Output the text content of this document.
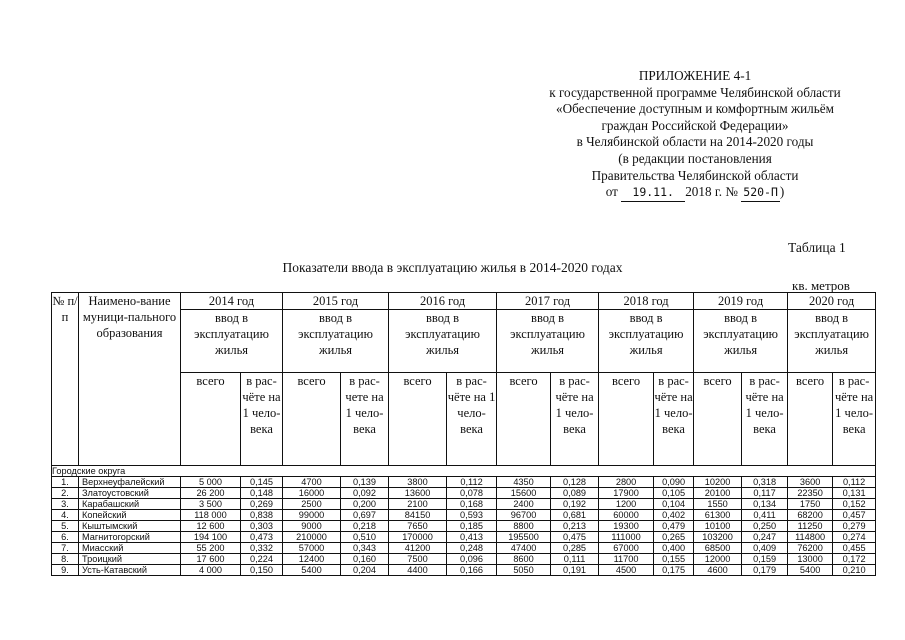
ПРИЛОЖЕНИЕ 4-1
к государственной программе Челябинской области
«Обеспечение доступным и комфортным жильём
граждан Российской Федерации»
в Челябинской области на 2014-2020 годы
(в редакции постановления
Правительства Челябинской области
от 19.11. 2018 г. № 520-П )
Таблица 1
Показатели ввода в эксплуатацию жилья в 2014-2020 годах
кв. метров
№ п/п	Наимено-вание муници-пального образования	2014 год		2015 год		2016 год		2017 год		2018 год		2019 год		2020 год	
		ввод в эксплуатацию жилья		ввод в эксплуатацию жилья		ввод в эксплуатацию жилья		ввод в эксплуатацию жилья		ввод в эксплуатацию жилья		ввод в эксплуатацию жилья		ввод в эксплуатацию жилья	
		всего	в рас-чёте на 1 чело-века	всего	в рас-чете на 1 чело-века	всего	в рас-чёте на 1 чело-века	всего	в рас-чёте на 1 чело-века	всего	в рас-чёте на 1 чело-века	всего	в рас-чёте на 1 чело-века	всего	в рас-чёте на 1 чело-века
Городские округа															
1.	Верхнеуфалейский	5 000	0,145	4700	0,139	3800	0,112	4350	0,128	2800	0,090	10200	0,318	3600	0,112
2.	Златоустовский	26 200	0,148	16000	0,092	13600	0,078	15600	0,089	17900	0,105	20100	0,117	22350	0,131
3.	Карабашский	3 500	0,269	2500	0,200	2100	0,168	2400	0,192	1200	0,104	1550	0,134	1750	0,152
4.	Копейский	118 000	0,838	99000	0,697	84150	0,593	96700	0,681	60000	0,402	61300	0,411	68200	0,457
5.	Кыштымский	12 600	0,303	9000	0,218	7650	0,185	8800	0,213	19300	0,479	10100	0,250	11250	0,279
6.	Магнитогорский	194 100	0,473	210000	0,510	170000	0,413	195500	0,475	111000	0,265	103200	0,247	114800	0,274
7.	Миасский	55 200	0,332	57000	0,343	41200	0,248	47400	0,285	67000	0,400	68500	0,409	76200	0,455
8.	Троицкий	17 600	0,224	12400	0,160	7500	0,096	8600	0,111	11700	0,155	12000	0,159	13000	0,172
9.	Усть-Катавский	4 000	0,150	5400	0,204	4400	0,166	5050	0,191	4500	0,175	4600	0,179	5400	0,210
